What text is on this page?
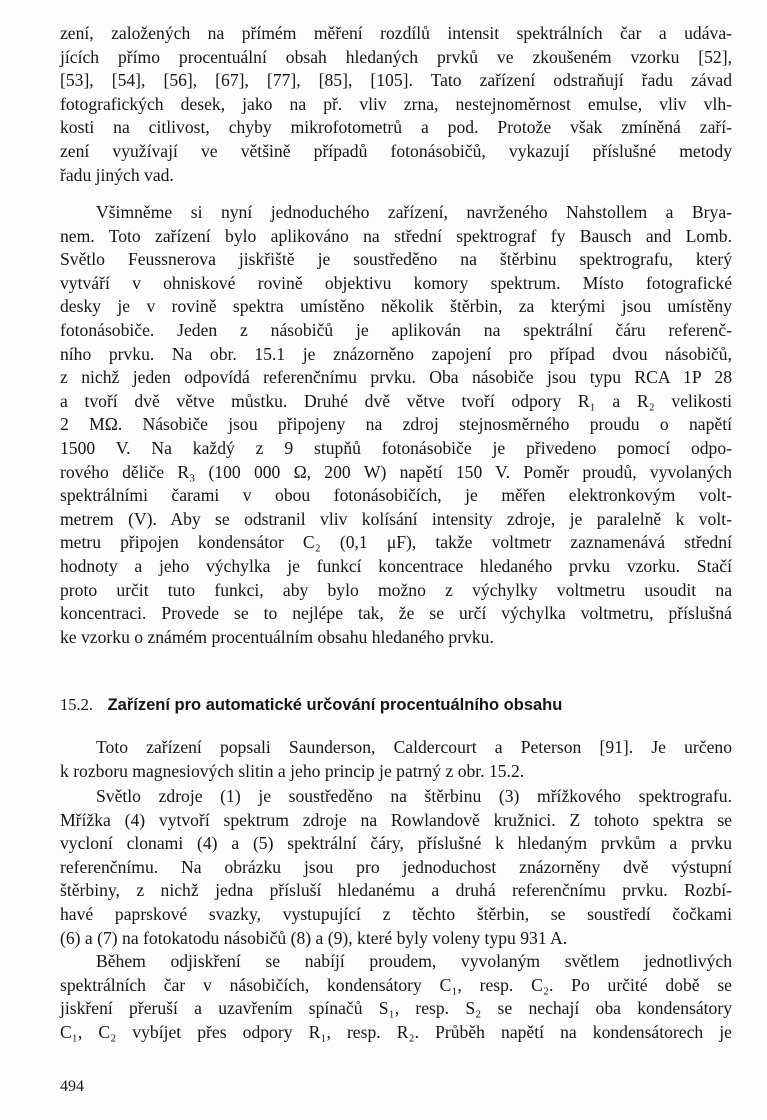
zení, založených na přímém měření rozdílů intensit spektrálních čar a udáva-
jících přímo procentuální obsah hledaných prvků ve zkoušeném vzorku [52],
[53], [54], [56], [67], [77], [85], [105]. Tato zařízení odstraňují řadu závad
fotografických desek, jako na př. vliv zrna, nestejnoměrnost emulse, vliv vlh-
kosti na citlivost, chyby mikrofotometrů a pod. Protože však zmíněná zaří-
zení využívají ve většině případů fotonásobičů, vykazují příslušné metody
řadu jiných vad.
Všimněme si nyní jednoduchého zařízení, navrženého Nahstollem a Brya-
nem. Toto zařízení bylo aplikováno na střední spektrograf fy Bausch and Lomb.
Světlo Feussnerova jiskřiště je soustředěno na štěrbinu spektrografu, který
vytváří v ohniskové rovině objektivu komory spektrum. Místo fotografické
desky je v rovině spektra umístěno několik štěrbin, za kterými jsou umístěny
fotonásobiče. Jeden z násobičů je aplikován na spektrální čáru referenč-
ního prvku. Na obr. 15.1 je znázorněno zapojení pro případ dvou násobičů,
z nichž jeden odpovídá referenčnímu prvku. Oba násobiče jsou typu RCA 1P 28
a tvoří dvě větve můstku. Druhé dvě větve tvoří odpory R₁ a R₂ velikosti
2 MΩ. Násobiče jsou připojeny na zdroj stejnosměrného proudu o napětí
1500 V. Na každý z 9 stupňů fotonásobiče je přivedeno pomocí odpo-
rového děliče R₃ (100 000 Ω, 200 W) napětí 150 V. Poměr proudů, vyvolaných
spektrálními čarami v obou fotonásobičích, je měřen elektronkovým volt-
metrem (V). Aby se odstranil vliv kolísání intensity zdroje, je paralelně k volt-
metru připojen kondensátor C₂ (0,1 μF), takže voltmetr zaznamenává střední
hodnoty a jeho výchylka je funkcí koncentrace hledaného prvku vzorku. Stačí
proto určit tuto funkci, aby bylo možno z výchylky voltmetru usoudit na
koncentraci. Provede se to nejlépe tak, že se určí výchylka voltmetru, příslušná
ke vzorku o známém procentuálním obsahu hledaného prvku.
15.2. Zařízení pro automatické určování procentuálního obsahu
Toto zařízení popsali Saunderson, Caldercourt a Peterson [91]. Je určeno
k rozboru magnesiových slitin a jeho princip je patrný z obr. 15.2.
Světlo zdroje (1) je soustředěno na štěrbinu (3) mřížkového spektrografu.
Mřížka (4) vytvoří spektrum zdroje na Rowlandově kružnici. Z tohoto spektra se
vycloní clonami (4) a (5) spektrální čáry, příslušné k hledaným prvkům a prvku
referenčnímu. Na obrázku jsou pro jednoduchost znázorněny dvě výstupní
štěrbiny, z nichž jedna přísluší hledanému a druhá referenčnímu prvku. Rozbí-
havé paprskové svazky, vystupující z těchto štěrbin, se soustředí čočkami
(6) a (7) na fotokatodu násobičů (8) a (9), které byly voleny typu 931 A.
Během odjiskření se nabíjí proudem, vyvolaným světlem jednotlivých
spektrálních čar v násobičích, kondensátory C₁, resp. C₂. Po určité době se
jiskření přeruší a uzavřením spínačů S₁, resp. S₂ se nechají oba kondensátory
C₁, C₂ vybíjet přes odpory R₁, resp. R₂. Průběh napětí na kondensátorech je
494
